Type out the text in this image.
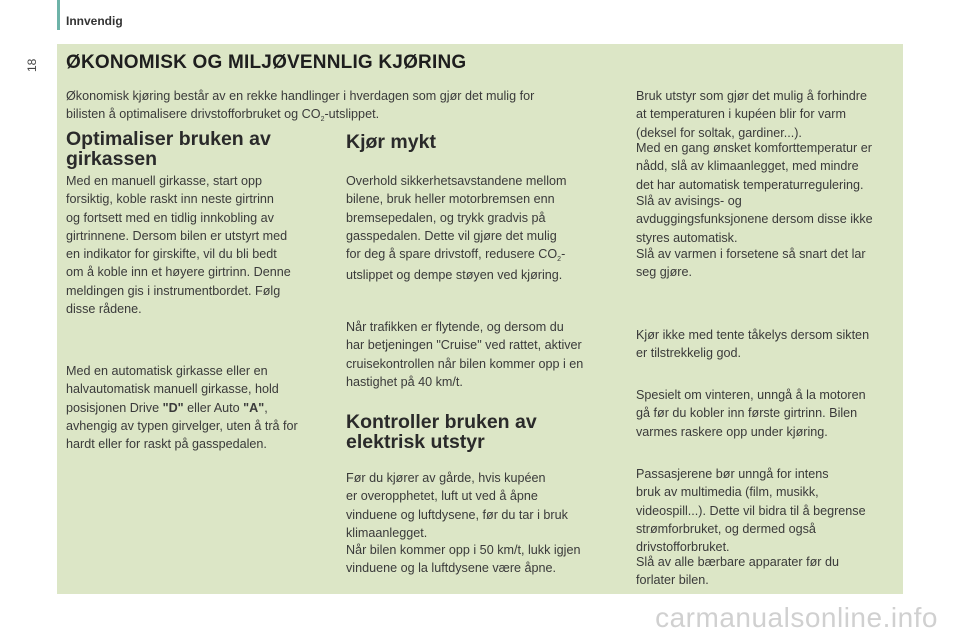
Innvendig
18 ØKONOMISK OG MILJØVENNLIG KJØRING

Økonomisk kjøring består av en rekke handlinger i hverdagen som gjør det mulig for
bilisten å optimalisere drivstofforbruket og $CO_2$-utslippet.

Optimaliser bruken av
girkassen

Med en manuell girkasse, start opp
forsiktig, koble raskt inn neste girtrinn
og fortsett med en tidlig innkobling av
girtrinnene. Dersom bilen er utstyrt med
en indikator for girskifte, vil du bli bedt
om å koble inn et høyere girtrinn. Denne
meldingen gis i instrumentbordet. Følg
disse rådene.

Med en automatisk girkasse eller en
halvautomatisk manuell girkasse, hold
posisjonen Drive "D" eller Auto "A",
avhengig av typen girvelger, uten å trå for
hardt eller for raskt på gasspedalen.

Kjør mykt

Overhold sikkerhetsavstandene mellom
bilene, bruk heller motorbremsen enn
bremsepedalen, og trykk gradvis på
gasspedalen. Dette vil gjøre det mulig
for deg å spare drivstoff, redusere $CO_2-$
utslippet og dempe støyen ved kjøring.

Når trafikken er flytende, og dersom du
har betjeningen "Cruise" ved rattet, aktiver
cruisekontrollen når bilen kommer opp i en
hastighet på 40 km/t.

Kontroller bruken av
elektrisk utstyr

Før du kjører av gårde, hvis kupéen
er overopphetet, luft ut ved å åpne
vinduene og luftdysene, før du tar i bruk
klimaanlegget.

Når bilen kommer opp i 50 km/t, lukk igjen
vinduene og la luftdysene være åpne.

Bruk utstyr som gjør det mulig å forhindre
at temperaturen i kupéen blir for varm
(deksel for soltak, gardiner...).

Med en gang ønsket komforttemperatur er
nådd, slå av klimaanlegget, med mindre
det har automatisk temperaturregulering.

Slå av avisings- og
avduggingsfunksjonene dersom disse ikke
styres automatisk.

Slå av varmen i forsetene så snart det lar
seg gjøre.

Kjør ikke med tente tåkelys dersom sikten
er tilstrekkelig god.

Spesielt om vinteren, unngå å la motoren
gå før du kobler inn første girtrinn. Bilen
varmes raskere opp under kjøring.

Passasjerene bør unngå for intens
bruk av multimedia (film, musikk,
videospill...). Dette vil bidra til å begrense
strømforbruket, og dermed også
drivstofforbruket.

Slå av alle bærbare apparater før du
forlater bilen.

carmanualsonline.info
